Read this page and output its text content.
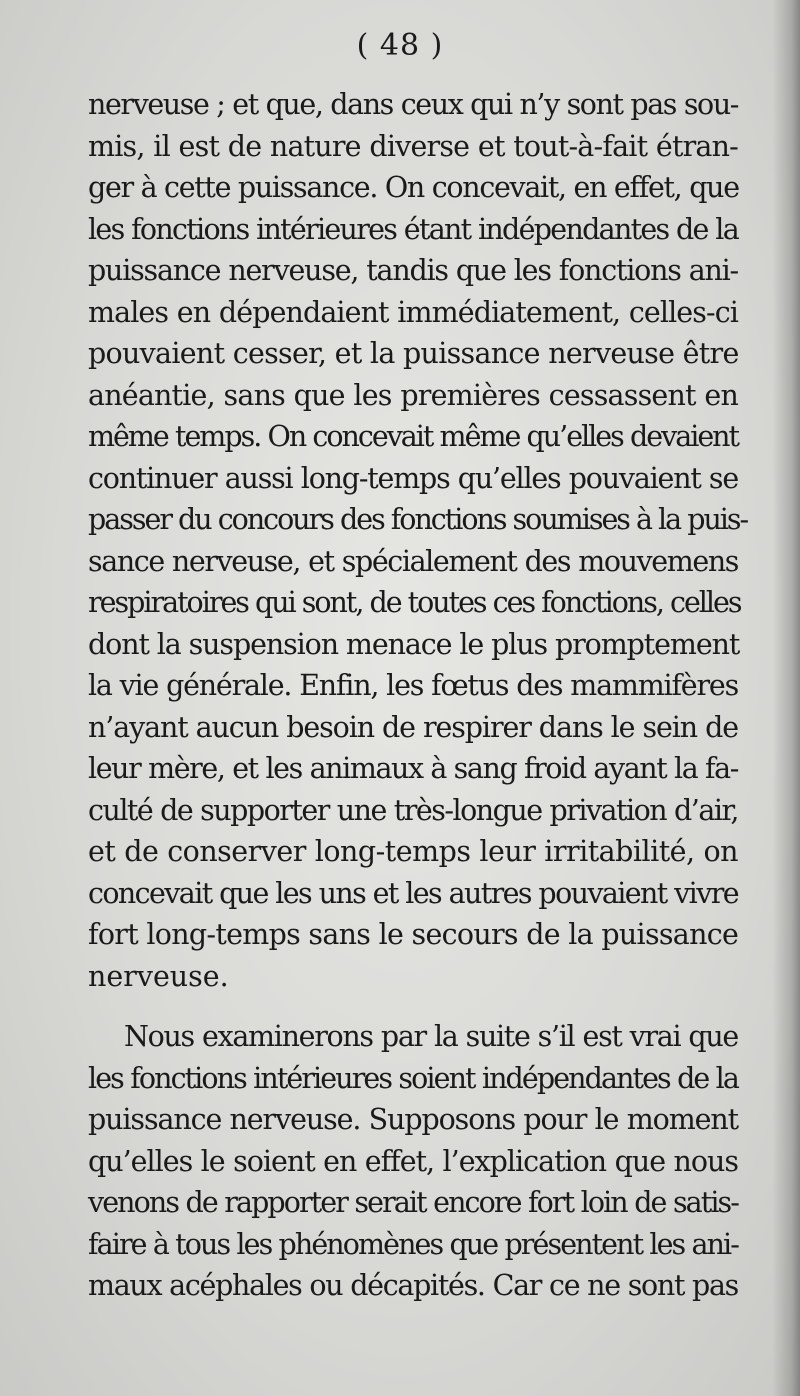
( 48 )
nerveuse ; et que, dans ceux qui n’y sont pas sou-
mis, il est de nature diverse et tout-à-fait étran-
ger à cette puissance. On concevait, en effet, que
les fonctions intérieures étant indépendantes de la
puissance nerveuse, tandis que les fonctions ani-
males en dépendaient immédiatement, celles-ci
pouvaient cesser, et la puissance nerveuse être
anéantie, sans que les premières cessassent en
même temps. On concevait même qu’elles devaient
continuer aussi long-temps qu’elles pouvaient se
passer du concours des fonctions soumises à la puis-
sance nerveuse, et spécialement des mouvemens
respiratoires qui sont, de toutes ces fonctions, celles
dont la suspension menace le plus promptement
la vie générale. Enfin, les fœtus des mammifères
n’ayant aucun besoin de respirer dans le sein de
leur mère, et les animaux à sang froid ayant la fa-
culté de supporter une très-longue privation d’air,
et de conserver long-temps leur irritabilité, on
concevait que les uns et les autres pouvaient vivre
fort long-temps sans le secours de la puissance
nerveuse.
Nous examinerons par la suite s’il est vrai que
les fonctions intérieures soient indépendantes de la
puissance nerveuse. Supposons pour le moment
qu’elles le soient en effet, l’explication que nous
venons de rapporter serait encore fort loin de satis-
faire à tous les phénomènes que présentent les ani-
maux acéphales ou décapités. Car ce ne sont pas
